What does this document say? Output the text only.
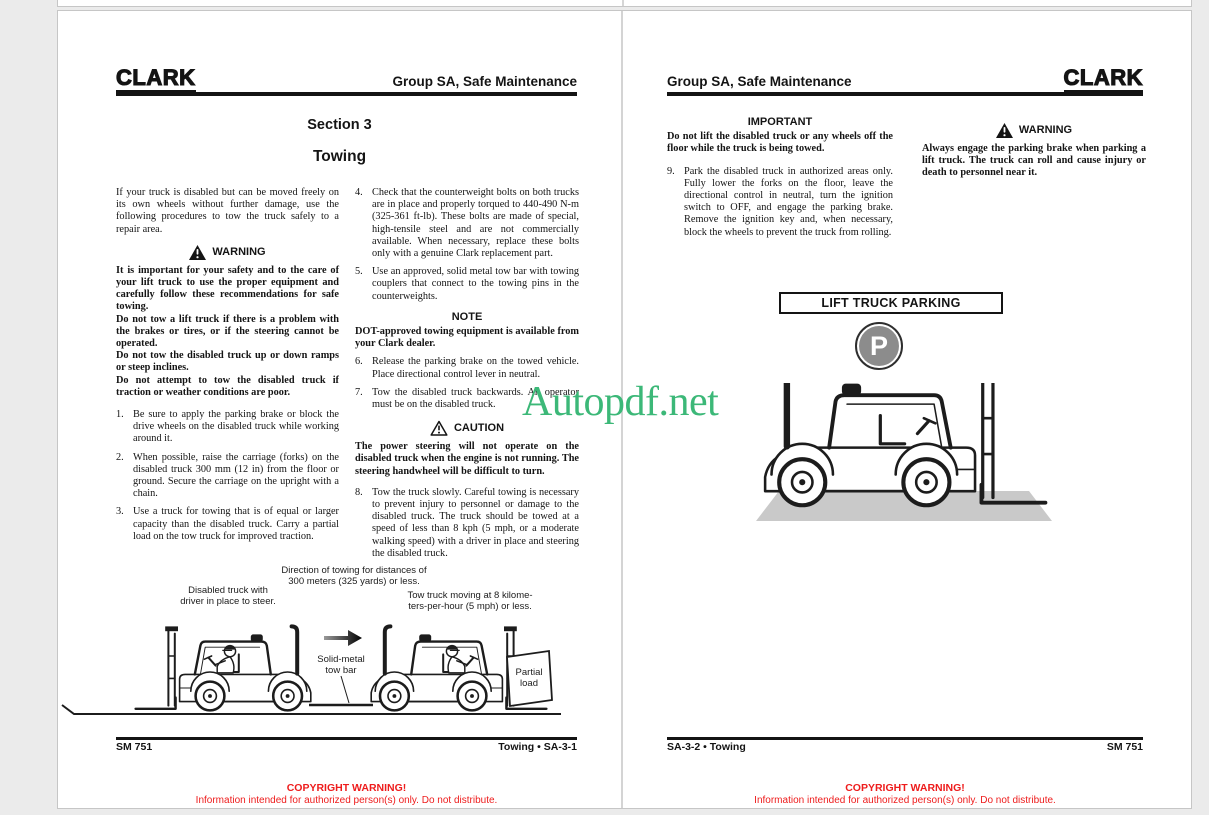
CLARK	Group SA, Safe Maintenance
Section 3
Towing

If your truck is disabled but can be moved freely on its own wheels without further damage, use the following procedures to tow the truck safely to a repair area.

WARNING

It is important for your safety and to the care of your lift truck to use the proper equipment and carefully follow these recommendations for safe towing.

Do not tow a lift truck if there is a problem with the brakes or tires, or if the steering cannot be operated.

Do not tow the disabled truck up or down ramps or steep inclines.

Do not attempt to tow the disabled truck if traction or weather conditions are poor.

1. Be sure to apply the parking brake or block the drive wheels on the disabled truck while working around it.
2. When possible, raise the carriage (forks) on the disabled truck 300 mm (12 in) from the floor or ground. Secure the carriage on the upright with a chain.
3. Use a truck for towing that is of equal or larger capacity than the disabled truck. Carry a partial load on the tow truck for improved traction.
4. Check that the counterweight bolts on both trucks are in place and properly torqued to 440-490 N-m (325-361 ft-lb). These bolts are made of special, high-tensile steel and are not commercially available. When necessary, replace these bolts only with a genuine Clark replacement part.
5. Use an approved, solid metal tow bar with towing couplers that connect to the towing pins in the counterweights.
NOTE

DOT-approved towing equipment is available from your Clark dealer.

6. Release the parking brake on the towed vehicle. Place directional control lever in neutral.
7. Tow the disabled truck backwards. An operator must be on the disabled truck.
CAUTION

The power steering will not operate on the disabled truck when the engine is not running. The steering handwheel will be difficult to turn.

8. Tow the truck slowly. Careful towing is necessary to prevent injury to personnel or damage to the disabled truck. The truck should be towed at a speed of less than 8 kph (5 mph, or a moderate walking speed) with a driver in place and steering the disabled truck.
Direction of towing for distances of
300 meters (325 yards) or less.
Disabled truck with
driver in place to steer.
Tow truck moving at 8 kilome-
ters-per-hour (5 mph) or less.
Solid-metal
tow bar	Partial
load
SM 751	Towing • SA-3-1
COPYRIGHT WARNING!
Information intended for authorized person(s) only. Do not distribute.
Group SA, Safe Maintenance	CLARK
IMPORTANT

Do not lift the disabled truck or any wheels off the floor while the truck is being towed.

9. Park the disabled truck in authorized areas only. Fully lower the forks on the floor, leave the directional control in neutral, turn the ignition switch to OFF, and engage the parking brake. Remove the ignition key and, when necessary, block the wheels to prevent the truck from rolling.
WARNING

Always engage the parking brake when parking a lift truck. The truck can roll and cause injury or death to personnel near it.

LIFT TRUCK PARKING
P
SA-3-2 • Towing	SM 751
COPYRIGHT WARNING!
Information intended for authorized person(s) only. Do not distribute.
Autopdf.net
